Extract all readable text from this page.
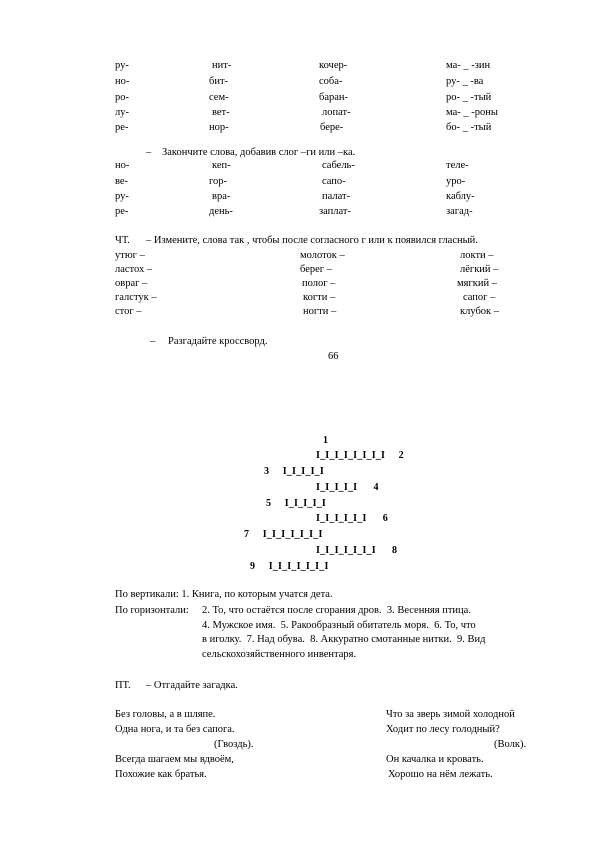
ру-
но-
ро-
лу-
ре-
нит-
бит-
сем-
вет-
нор-
кочер-
соба-
баран-
лопат-
бере-
ма- _ -зин
ру- _ -ва
ро- _ -тый
ма- _ -роны
бо- _ -тый
– Закончите слова, добавив слог –ги или –ка.
но-
ве-
ру-
ре-
кеп-
гор-
вра-
день-
сабель-
сапо-
палат-
заплат-
теле-
уро-
каблу-
загад-
ЧТ. – Измените, слова так , чтобы после согласного г или к появился гласный.
утюг –
ластох –
овраг –
галстук –
стог –
молоток –
берег –
полог –
когти –
ногти –
локти –
лёгкий –
мягкий –
сапог –
клубок –
– Разгадайте кроссворд.
66
1
I_I_I_I_I_I_I_I     2
3     I_I_I_I_I
I_I_I_I_I      4
5     I_I_I_I_I
I_I_I_I_I_I      6
7     I_I_I_I_I_I_I
I_I_I_I_I_I_I      8
9     I_I_I_I_I_I_I
По вертикали: 1. Книга, по которым учатся дета.
По горизонтали: 2. То, что остаётся после сгорания дров.  3. Весенняя птица.
4. Мужское имя.  5. Ракообразный обитатель моря.  6. То, что
в иголку.  7. Над обува.  8. Аккуратно смотанные нитки.  9. Вид
сельскохозяйственного инвентаря.
ПТ. – Отгадайте загадка.
Без головы, а в шляпе.
Одна нога, и та без сапога.
(Гвоздь).
Всегда шагаем мы вдвоём,
Похожие как братья.
Что за зверь зимой холодной
Ходит по лесу голодный?
(Волк).
Он качалка и кровать.
Хорошо на нём лежать.
